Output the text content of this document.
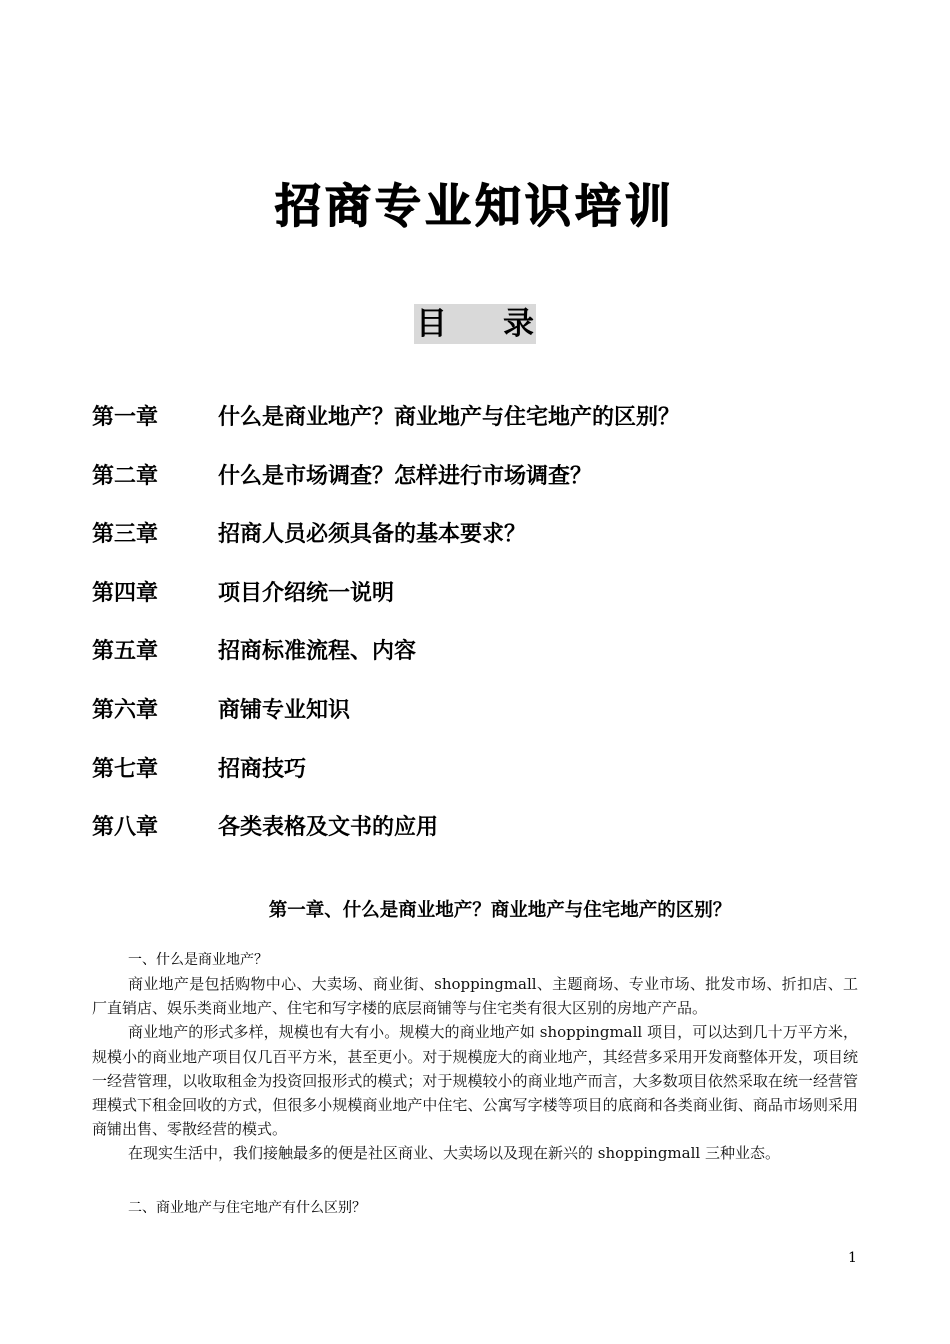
招商专业知识培训
目 录
第一章	什么是商业地产？商业地产与住宅地产的区别？
第二章	什么是市场调查？怎样进行市场调查？
第三章	招商人员必须具备的基本要求？
第四章	项目介绍统一说明
第五章	招商标准流程、内容
第六章	商铺专业知识
第七章	招商技巧
第八章	各类表格及文书的应用
第一章、什么是商业地产？商业地产与住宅地产的区别？

一、什么是商业地产？

商业地产是包括购物中心、大卖场、商业街、shoppingmall、主题商场、专业市场、批发市场、折扣店、工厂直销店、娱乐类商业地产、住宅和写字楼的底层商铺等与住宅类有很大区别的房地产产品。

商业地产的形式多样，规模也有大有小。规模大的商业地产如 shoppingmall 项目，可以达到几十万平方米，规模小的商业地产项目仅几百平方米，甚至更小。对于规模庞大的商业地产，其经营多采用开发商整体开发，项目统一经营管理，以收取租金为投资回报形式的模式；对于规模较小的商业地产而言，大多数项目依然采取在统一经营管理模式下租金回收的方式，但很多小规模商业地产中住宅、公寓写字楼等项目的底商和各类商业街、商品市场则采用商铺出售、零散经营的模式。

在现实生活中，我们接触最多的便是社区商业、大卖场以及现在新兴的 shoppingmall 三种业态。

二、商业地产与住宅地产有什么区别？

1
